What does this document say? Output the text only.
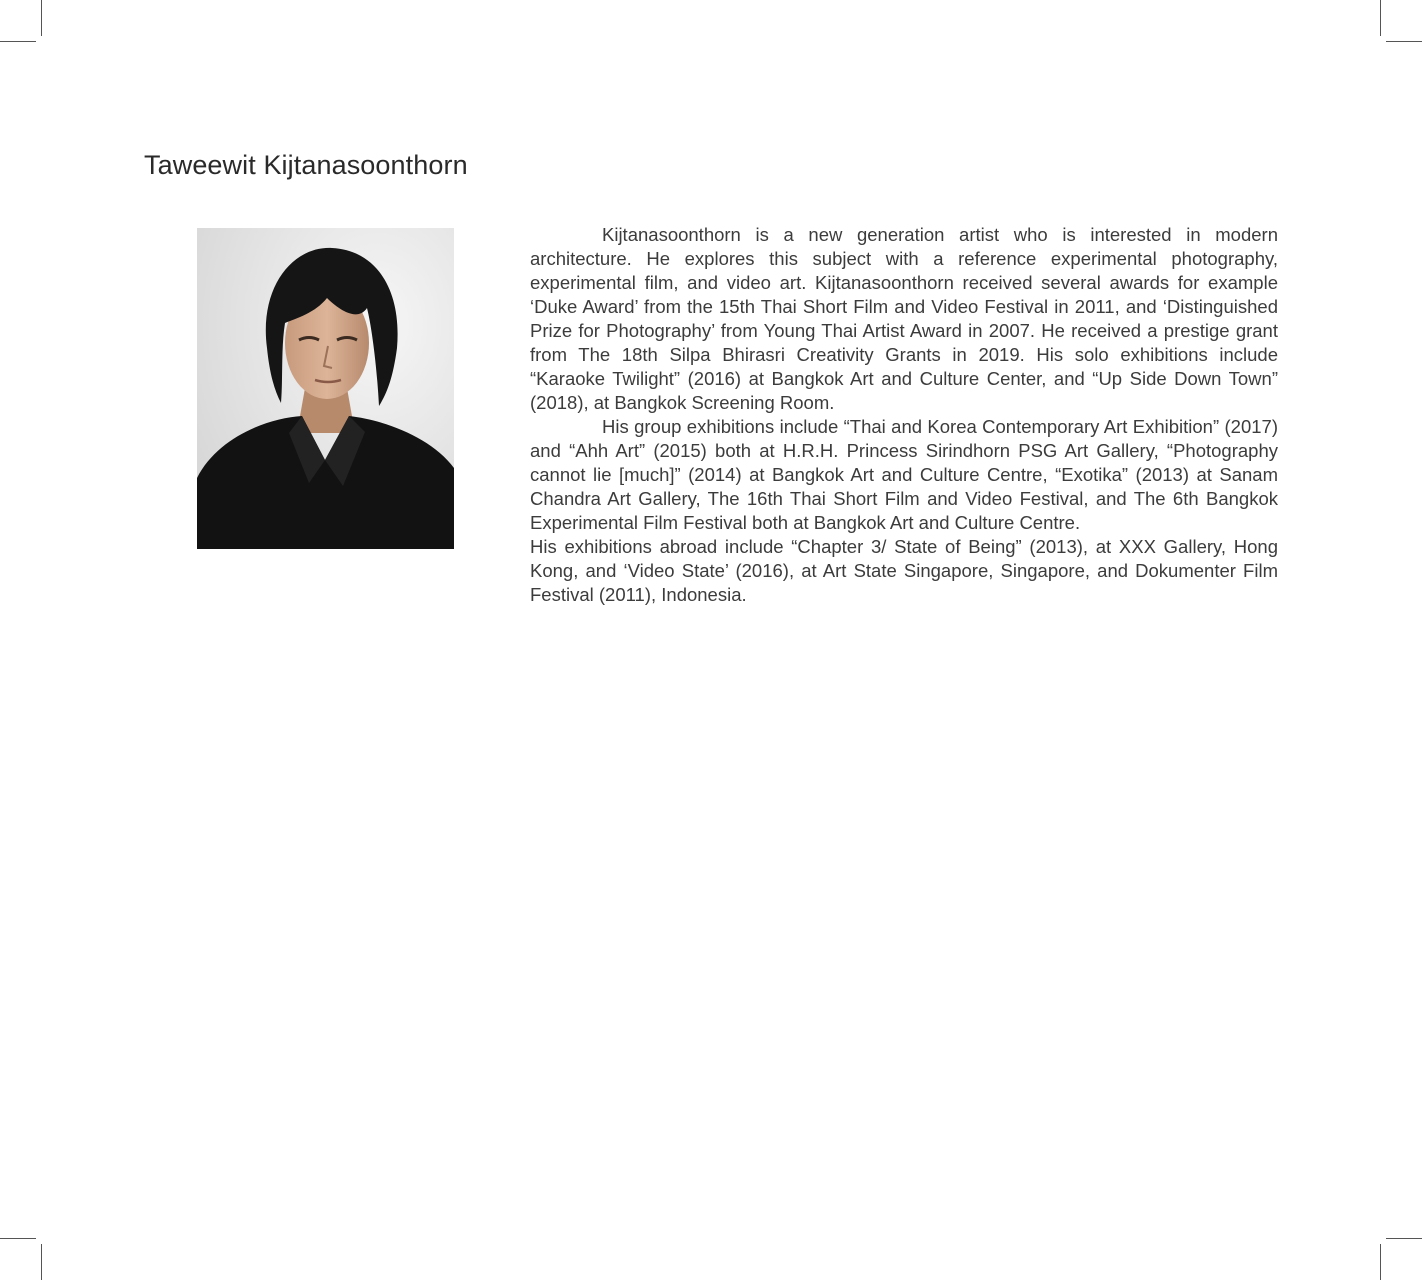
Taweewit Kijtanasoonthorn

Kijtanasoonthorn is a new generation artist who is interested in modern architecture. He explores this subject with a reference experimental photography, experimental film, and video art. Kijtanasoonthorn received several awards for example ‘Duke Award’ from the 15th Thai Short Film and Video Festival in 2011, and ‘Distinguished Prize for Photography’ from Young Thai Artist Award in 2007. He received a prestige grant from The 18th Silpa Bhirasri Creativity Grants in 2019. His solo exhibitions include “Karaoke Twilight” (2016) at Bangkok Art and Culture Center, and “Up Side Down Town” (2018), at Bangkok Screening Room.

His group exhibitions include “Thai and Korea Contemporary Art Exhibition” (2017) and “Ahh Art” (2015) both at H.R.H. Princess Sirindhorn PSG Art Gallery, “Photography cannot lie [much]” (2014) at Bangkok Art and Culture Centre, “Exotika” (2013) at Sanam Chandra Art Gallery, The 16th Thai Short Film and Video Festival, and The 6th Bangkok Experimental Film Festival both at Bangkok Art and Culture Centre.

His exhibitions abroad include “Chapter 3/ State of Being” (2013), at XXX Gallery, Hong Kong, and ‘Video State’ (2016), at Art State Singapore, Singapore, and Dokumenter Film Festival (2011), Indonesia.
